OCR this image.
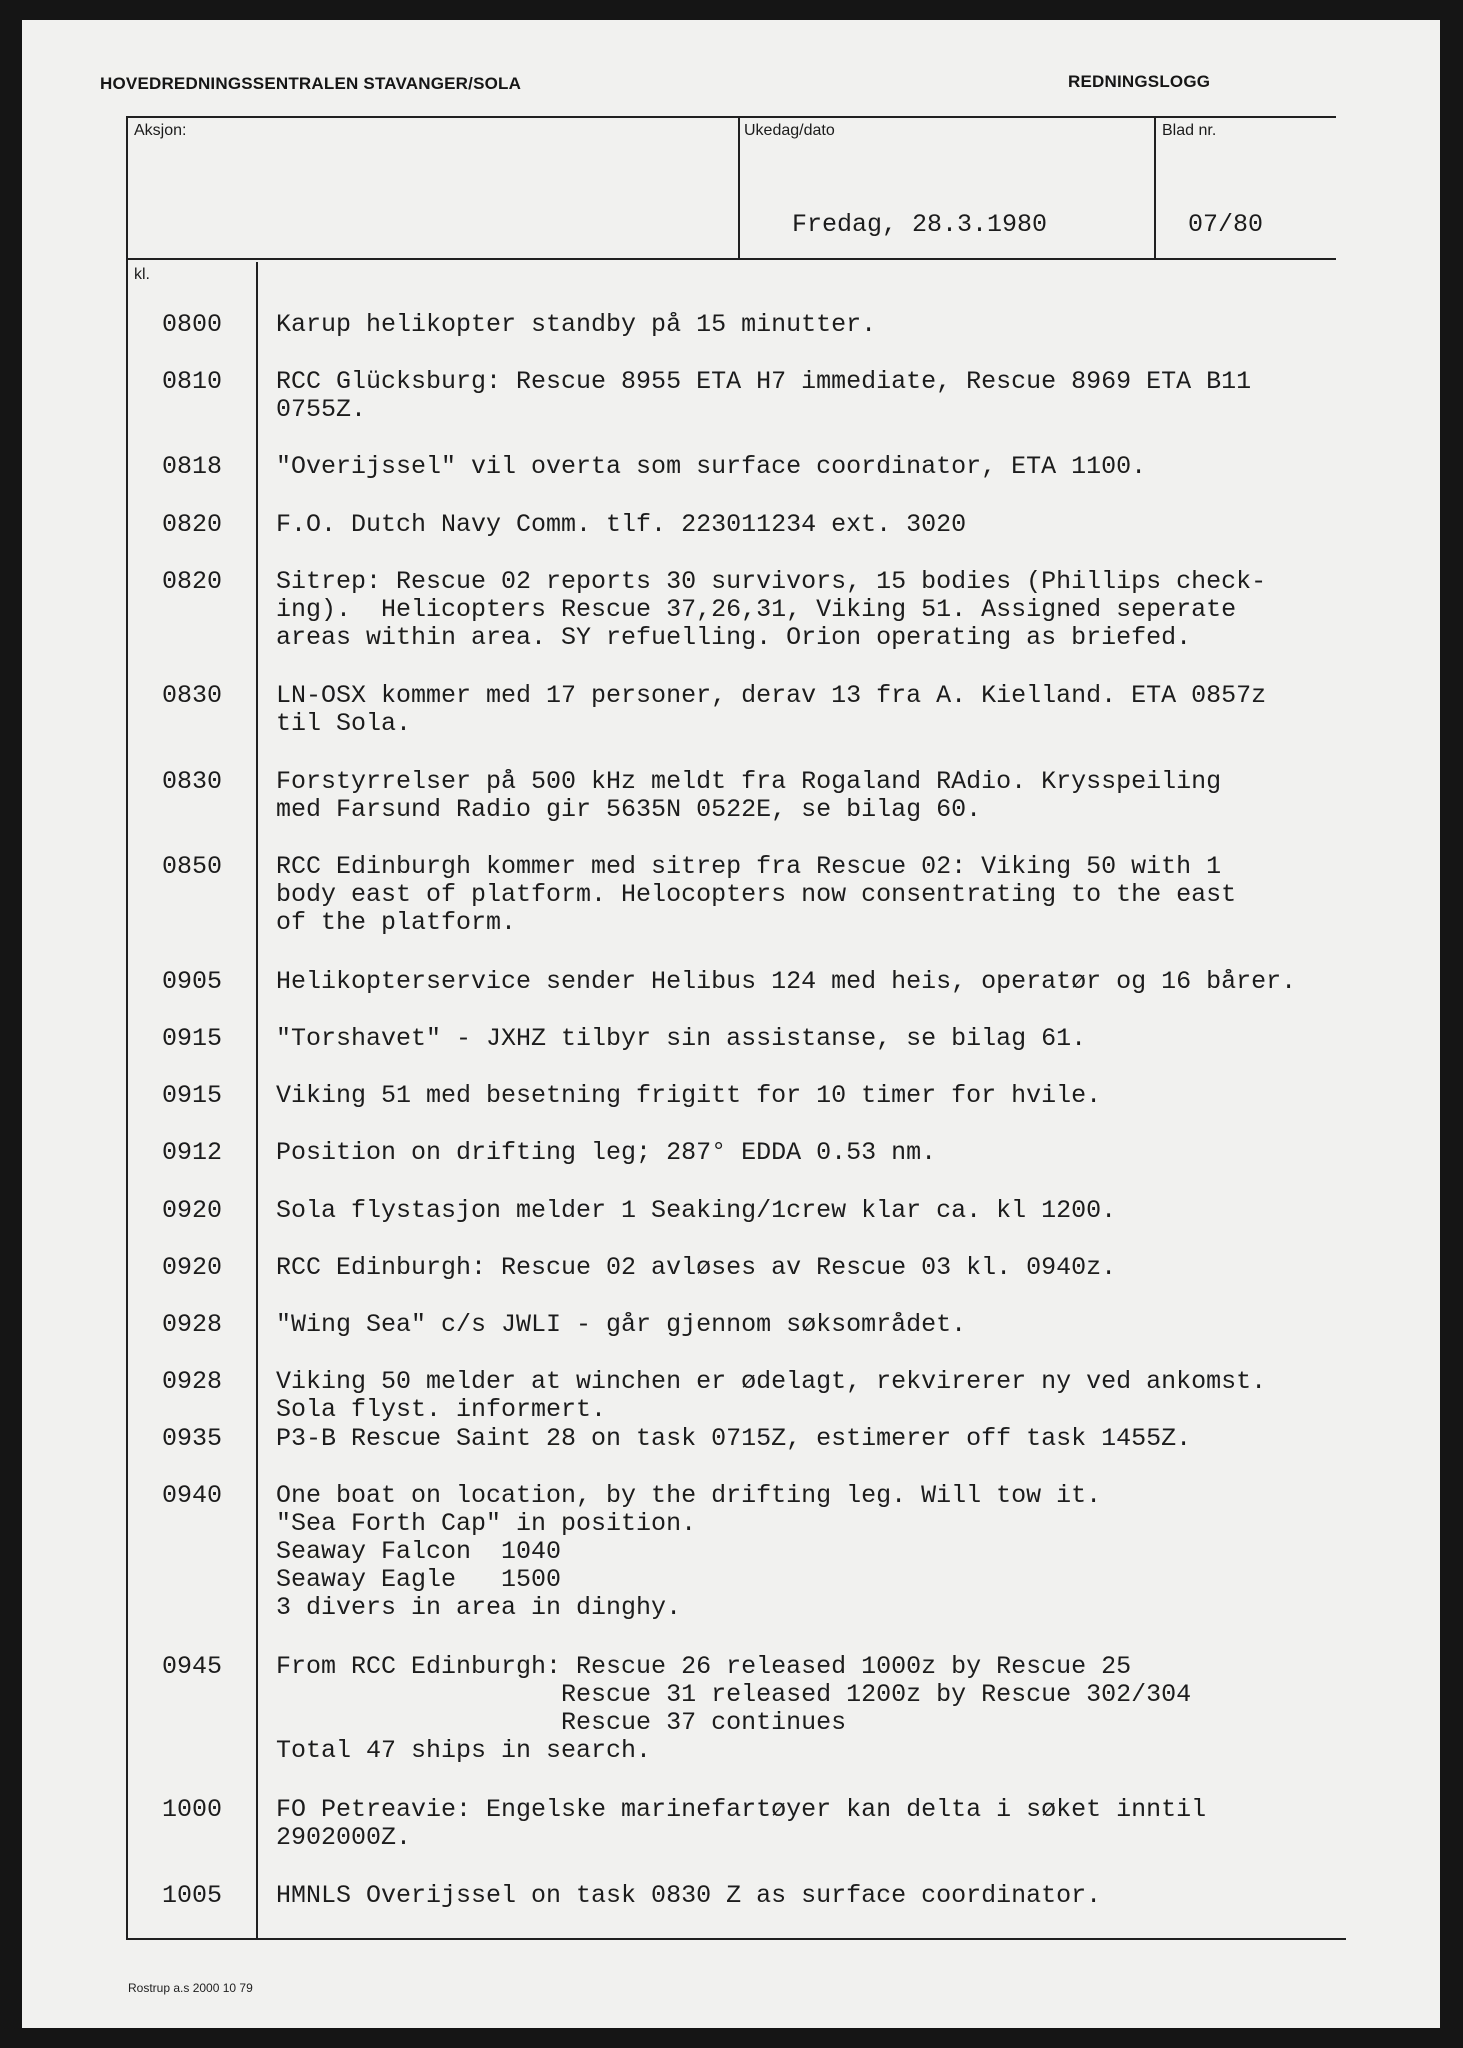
HOVEDREDNINGSSENTRALEN STAVANGER/SOLA	REDNINGSLOGG
Aksjon:	Ukedag/dato	Blad nr.
Fredag, 28.3.1980	07/80
kl.
0800 Karup helikopter standby på 15 minutter.
0810 RCC Glücksburg: Rescue 8955 ETA H7 immediate, Rescue 8969 ETA B11
0755Z.
0818 "Overijssel" vil overta som surface coordinator, ETA 1100.
0820 F.O. Dutch Navy Comm. tlf. 223011234 ext. 3020
0820 Sitrep: Rescue 02 reports 30 survivors, 15 bodies (Phillips check-
ing).  Helicopters Rescue 37,26,31, Viking 51. Assigned seperate
areas within area. SY refuelling. Orion operating as briefed.
0830 LN-OSX kommer med 17 personer, derav 13 fra A. Kielland. ETA 0857z
til Sola.
0830 Forstyrrelser på 500 kHz meldt fra Rogaland RAdio. Krysspeiling
med Farsund Radio gir 5635N 0522E, se bilag 60.
0850 RCC Edinburgh kommer med sitrep fra Rescue 02: Viking 50 with 1
body east of platform. Helocopters now consentrating to the east
of the platform.
0905 Helikopterservice sender Helibus 124 med heis, operatør og 16 bårer.
0915 "Torshavet" - JXHZ tilbyr sin assistanse, se bilag 61.
0915 Viking 51 med besetning frigitt for 10 timer for hvile.
0912 Position on drifting leg; 287° EDDA 0.53 nm.
0920 Sola flystasjon melder 1 Seaking/1crew klar ca. kl 1200.
0920 RCC Edinburgh: Rescue 02 avløses av Rescue 03 kl. 0940z.
0928 "Wing Sea" c/s JWLI - går gjennom søksområdet.
0928 Viking 50 melder at winchen er ødelagt, rekvirerer ny ved ankomst.
Sola flyst. informert.
0935 P3-B Rescue Saint 28 on task 0715Z, estimerer off task 1455Z.
0940 One boat on location, by the drifting leg. Will tow it.
"Sea Forth Cap" in position.
Seaway Falcon  1040
Seaway Eagle   1500
3 divers in area in dinghy.
0945 From RCC Edinburgh: Rescue 26 released 1000z by Rescue 25
Rescue 31 released 1200z by Rescue 302/304
Rescue 37 continues
Total 47 ships in search.
1000 FO Petreavie: Engelske marinefartøyer kan delta i søket inntil
2902000Z.
1005 HMNLS Overijssel on task 0830 Z as surface coordinator.
Rostrup a.s 2000 10 79
